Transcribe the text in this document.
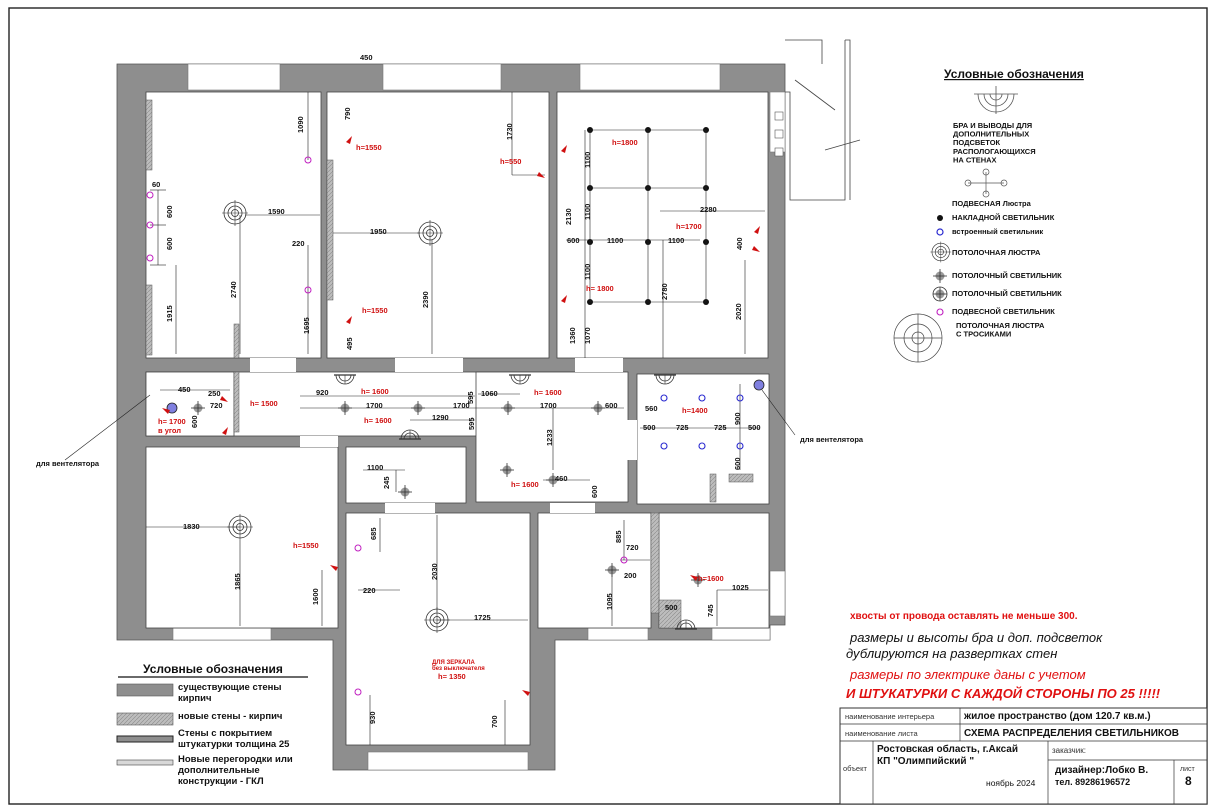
1090
790
h=1550
1730
h=550
h=1800
1100
2130 1100
60
600
600
1590
1950
2280
h=1700
600	1100	1100	400
220
1915
2740
1695
2390
1100
h= 1800	2780
2020
h=1550
495	1360 1070
450 250
720	h= 1500
920	h= 1600	595 1060	h= 1600
1700	1700	1700	600	560	h=1400
h= 1700
в угол
600	1290
h= 1600	595
1233
500	725	725
900
500
600
1100
245	460
h= 1600
600
1830
685
h=1550
885
720
1865
1600	220
2030	200	h=1600
1095
1025
500	745
1725
ДЛЯ ЗЕРКАЛА
без выключателя
h= 1350
930	700
450
для вентелятора
для вентелятора
Условные обозначения
БРА И ВЫВОДЫ ДЛЯ
ДОПОЛНИТЕЛЬНЫХ
ПОДСВЕТОК
РАСПОЛОГАЮЩИХСЯ
НА СТЕНАХ
ПОДВЕСНАЯ Люстра
НАКЛАДНОЙ СВЕТИЛЬНИК
встроенный светильник
ПОТОЛОЧНАЯ ЛЮСТРА
ПОТОЛОЧНЫЙ СВЕТИЛЬНИК
ПОТОЛОЧНЫЙ СВЕТИЛЬНИК
ПОДВЕСНОЙ СВЕТИЛЬНИК
ПОТОЛОЧНАЯ ЛЮСТРА
С ТРОСИКАМИ
Условные обозначения
существующие стены
кирпич
новые стены - кирпич
Стены с покрытием
штукатурки толщина 25
Новые перегородки или
дополнительные
конструкции - ГКЛ
наименование интерьера	жилое пространство (дом 120.7 кв.м.)
наименование листа	СХЕМА РАСПРЕДЕЛЕНИЯ СВЕТИЛЬНИКОВ
объект
Ростовская область, г.Аксай
КП "Олимпийский "
ноябрь 2024
заказчик:
дизайнер:Лобко В.
тел. 89286196572
лист
8
хвосты от провода оставлять не меньше 300.
размеры и высоты бра и доп. подсветок
дублируются на развертках стен
размеры по электрике даны с учетом
И ШТУКАТУРКИ С КАЖДОЙ СТОРОНЫ ПО 25 !!!!!
